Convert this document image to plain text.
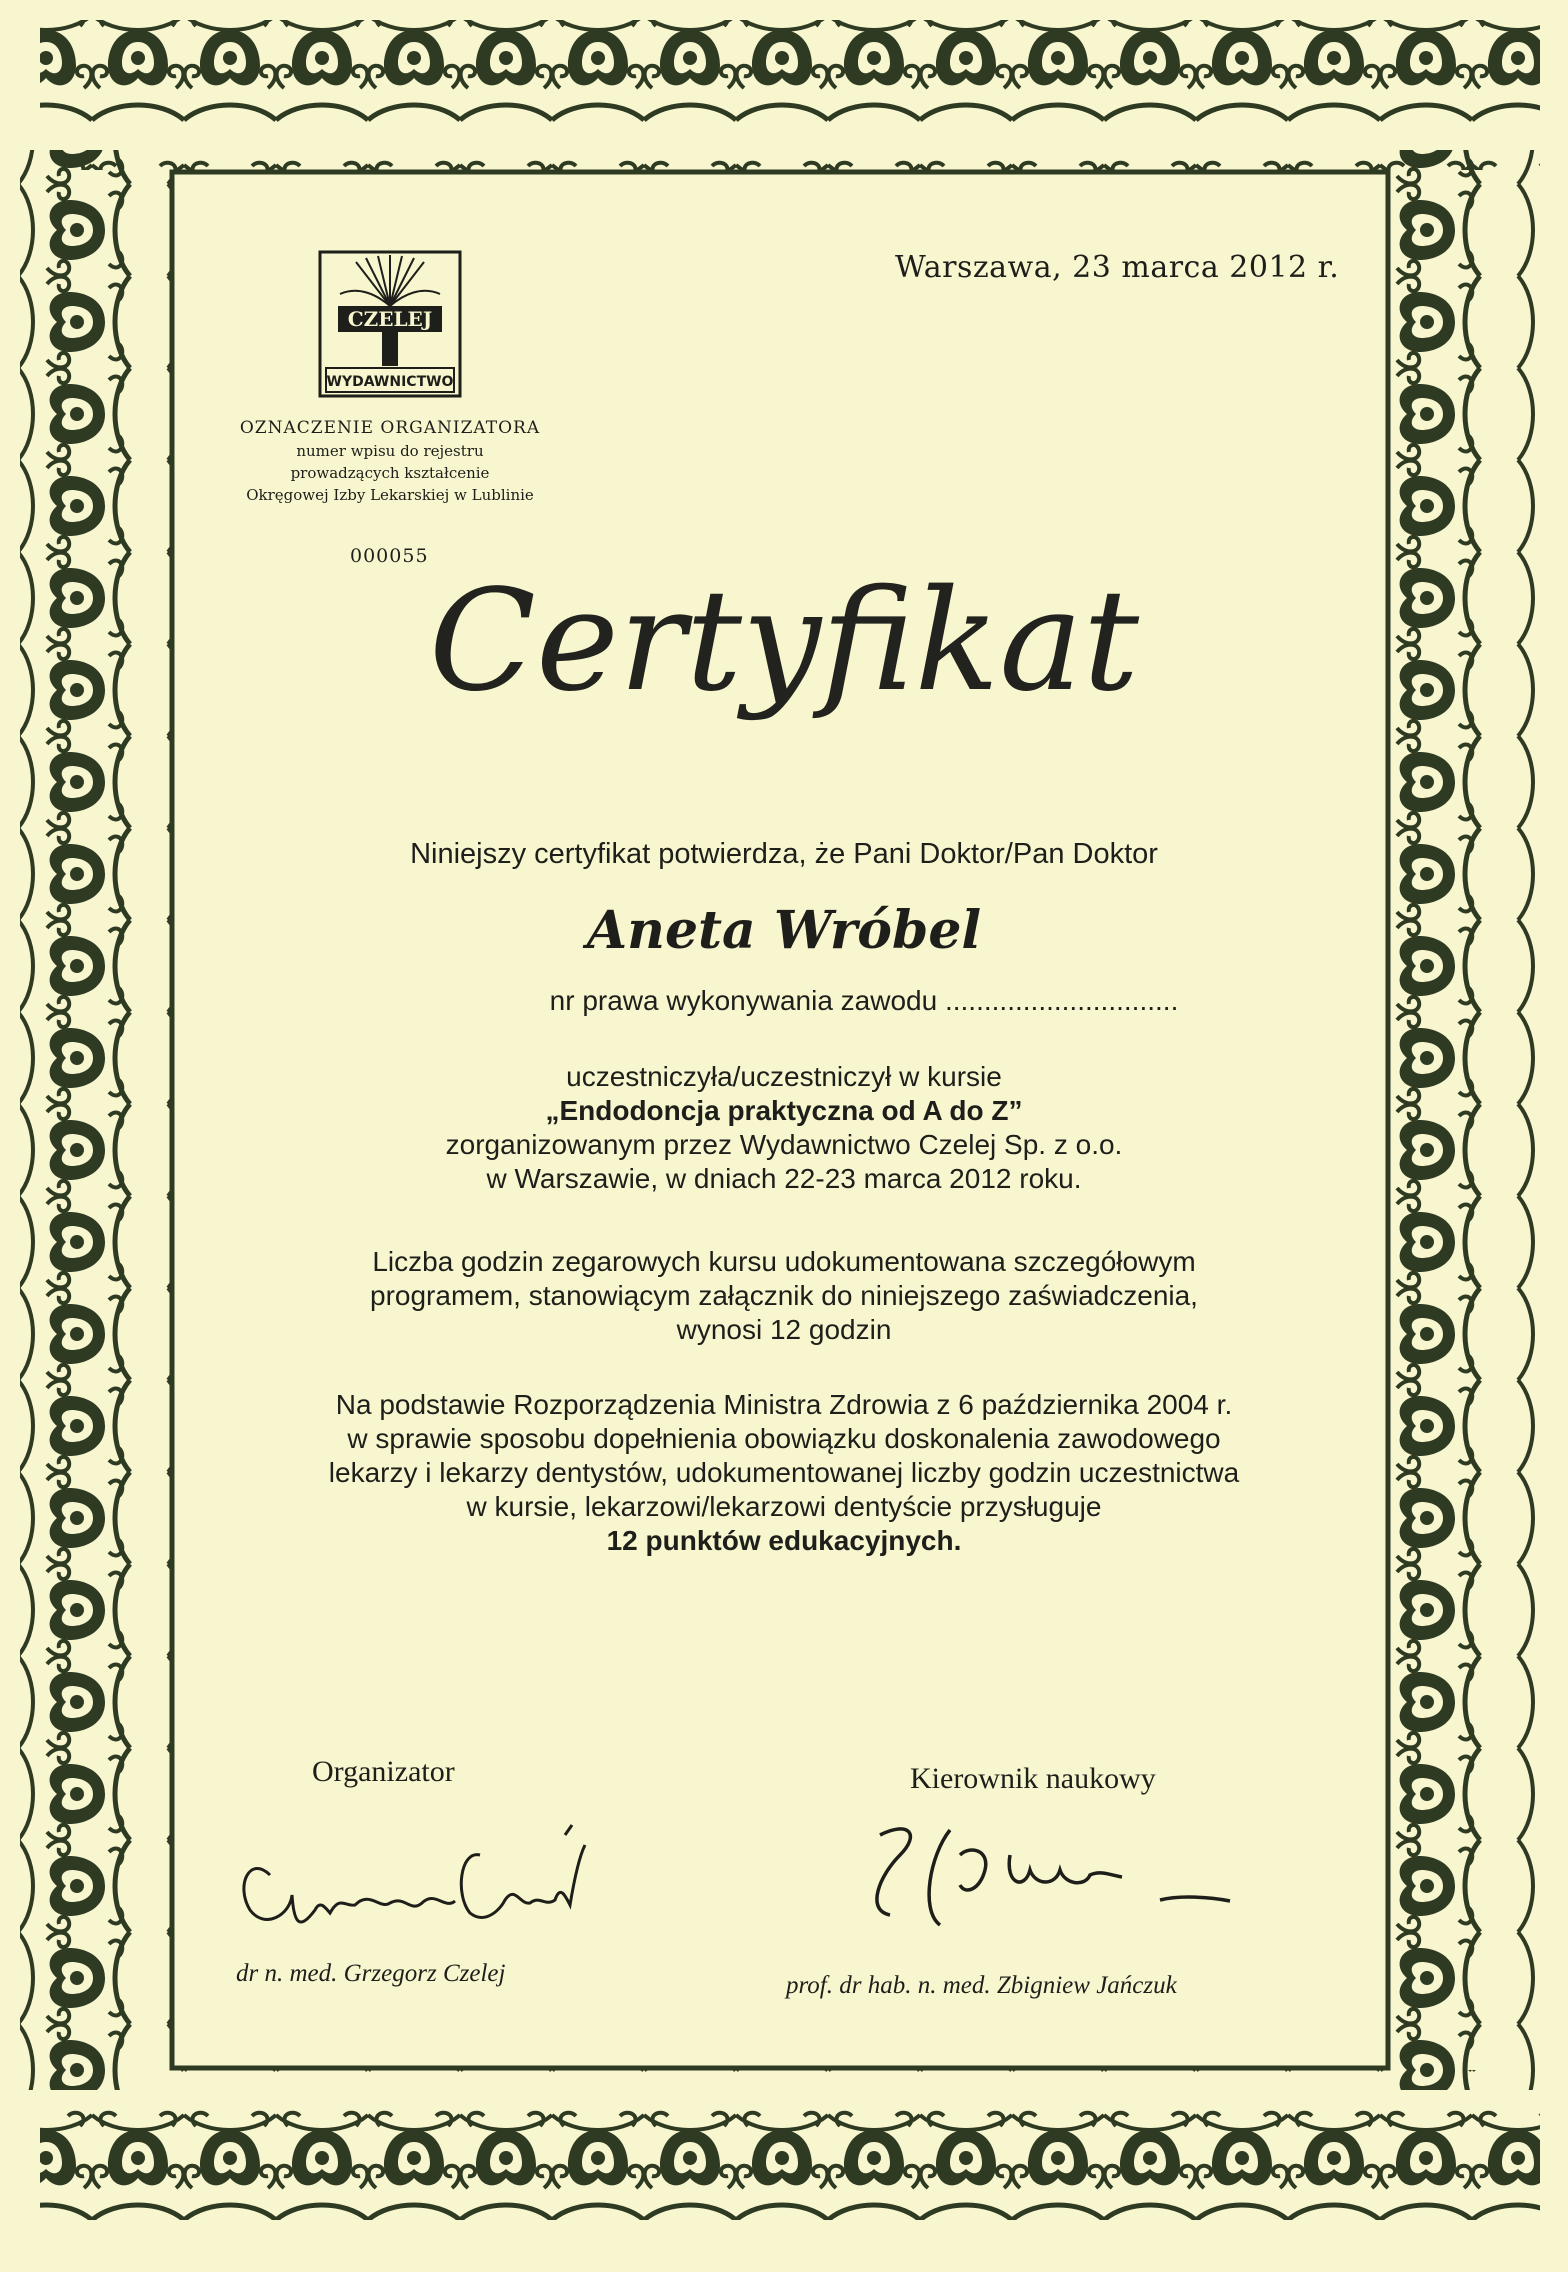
Warszawa, 23 marca 2012 r.
CZELEJ
WYDAWNICTWO
OZNACZENIE ORGANIZATORA
numer wpisu do rejestru
prowadzących kształcenie
Okręgowej Izby Lekarskiej w Lublinie
000055
Certyfikat
Niniejszy certyfikat potwierdza, że Pani Doktor/Pan Doktor
Aneta Wróbel
nr prawa wykonywania zawodu ..............................
uczestniczyła/uczestniczył w kursie
„Endodoncja praktyczna od A do Z”
zorganizowanym przez Wydawnictwo Czelej Sp. z o.o.
w Warszawie, w dniach 22-23 marca 2012 roku.
Liczba godzin zegarowych kursu udokumentowana szczegółowym
programem, stanowiącym załącznik do niniejszego zaświadczenia,
wynosi 12 godzin
Na podstawie Rozporządzenia Ministra Zdrowia z 6 października 2004 r.
w sprawie sposobu dopełnienia obowiązku doskonalenia zawodowego
lekarzy i lekarzy dentystów, udokumentowanej liczby godzin uczestnictwa
w kursie, lekarzowi/lekarzowi dentyście przysługuje
12 punktów edukacyjnych.
Organizator
dr n. med. Grzegorz Czelej
Kierownik naukowy
prof. dr hab. n. med. Zbigniew Jańczuk
